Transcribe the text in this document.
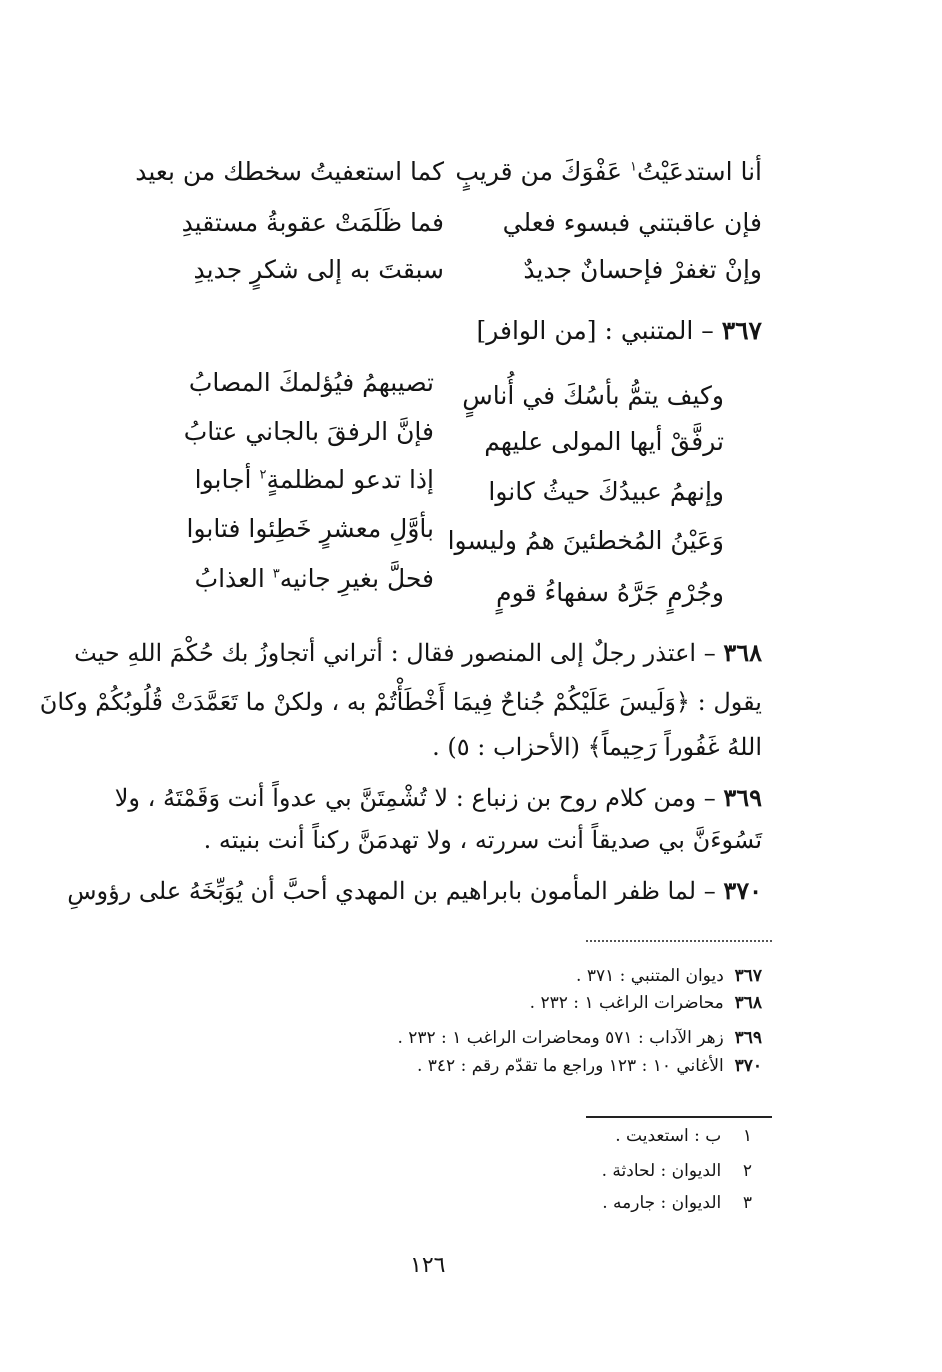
أنا استدعَيْتُ$^١$ عَفْوَكَ من قريبٍ
كما استعفيتُ سخطك من بعيد
فإن عاقبتني فبسوء فعلي
فما ظَلَمَتْ عقوبةُ مستقيدِ
وإنْ تغفرْ فإحسانٌ جديدٌ
سبقتَ به إلى شكرٍ جديدِ
٣٦٧ – المتنبي : [من الوافر]
وكيف يتمُّ بأسُكَ في أُناسٍ
تصيبهمُ فيُؤلمكَ المصابُ
ترفَّقْ أيها المولى عليهم
فإنَّ الرفقَ بالجاني عتابُ
وإنهمُ عبيدُكَ حيثُ كانوا
إذا تدعو لمظلمةٍ$^٢$ أجابوا
وَعَيْنُ المُخطئينَ همُ وليسوا
بأوَّلِ معشرٍ خَطِئوا فتابوا
وجُرْمٍ جَرَّهُ سفهاءُ قومٍ
فحلَّ بغيرِ جانيه$^٣$ العذابُ
٣٦٨ – اعتذر رجلٌ إلى المنصور فقال : أتراني أتجاوزُ بك حُكْمَ اللهِ حيث
يقول : ﴿وَلَيسَ عَلَيْكُمْ جُناحٌ فِيمَا أَخْطَأْتُمْ به ، ولكنْ ما تَعَمَّدَتْ قُلُوبُكُمْ وكانَ
اللهُ غَفُوراً رَحِيماً﴾ (الأحزاب : ٥) .
٣٦٩ – ومن كلام روح بن زنباع : لا تُشْمِتَنَّ بي عدواً أنت وَقَمْتَهُ ، ولا
تَسُوءَنَّ بي صديقاً أنت سررته ، ولا تهدمَنَّ ركناً أنت بنيته .
٣٧٠ – لما ظفر المأمون بابراهيم بن المهدي أحبَّ أن يُوَبِّخَهُ على رؤوسِ
٣٦٧  ديوان المتنبي : ٣٧١ .
٣٦٨  محاضرات الراغب ١ : ٢٣٢ .
٣٦٩  زهر الآداب : ٥٧١ ومحاضرات الراغب ١ : ٢٣٢ .
٣٧٠  الأغاني ١٠ : ١٢٣ وراجع ما تقدّم رقم : ٣٤٢ .
١    ب : استعديت .
٢    الديوان : لحادثة .
٣    الديوان : جارمه .
١٢٦
